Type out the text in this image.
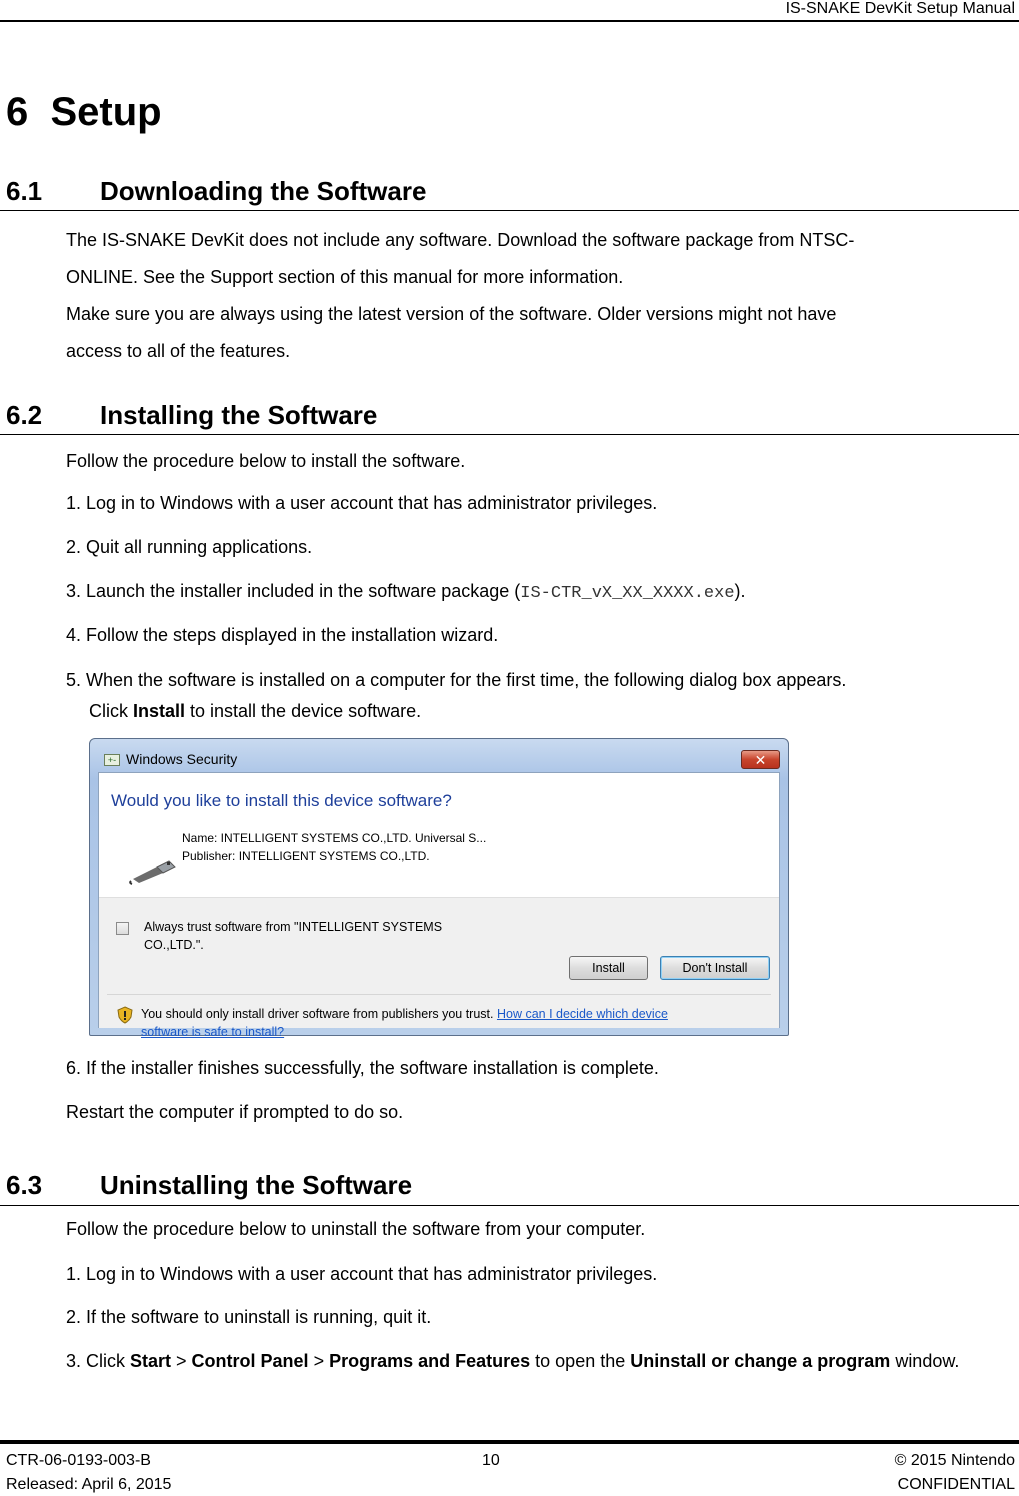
IS-SNAKE DevKit Setup Manual
6 Setup
6.1 Downloading the Software
The IS-SNAKE DevKit does not include any software. Download the software package from NTSC-
ONLINE. See the Support section of this manual for more information.
Make sure you are always using the latest version of the software. Older versions might not have
access to all of the features.
6.2 Installing the Software
Follow the procedure below to install the software.
1. Log in to Windows with a user account that has administrator privileges.
2. Quit all running applications.
3. Launch the installer included in the software package (IS-CTR_vX_XX_XXXX.exe).
4. Follow the steps displayed in the installation wizard.
5. When the software is installed on a computer for the first time, the following dialog box appears.
Click Install to install the device software.
+- Windows Security	✕
Would you like to install this device software?
Name: INTELLIGENT SYSTEMS CO.,LTD. Universal S...
Publisher: INTELLIGENT SYSTEMS CO.,LTD.
Always trust software from "INTELLIGENT SYSTEMS
CO.,LTD.".
Install	Don't Install
You should only install driver software from publishers you trust. How can I decide which device
software is safe to install?
6. If the installer finishes successfully, the software installation is complete.
Restart the computer if prompted to do so.
6.3 Uninstalling the Software
Follow the procedure below to uninstall the software from your computer.
1. Log in to Windows with a user account that has administrator privileges.
2. If the software to uninstall is running, quit it.
3. Click Start > Control Panel > Programs and Features to open the Uninstall or change a program window.
CTR-06-0193-003-B
Released: April 6, 2015
10	© 2015 Nintendo
CONFIDENTIAL
